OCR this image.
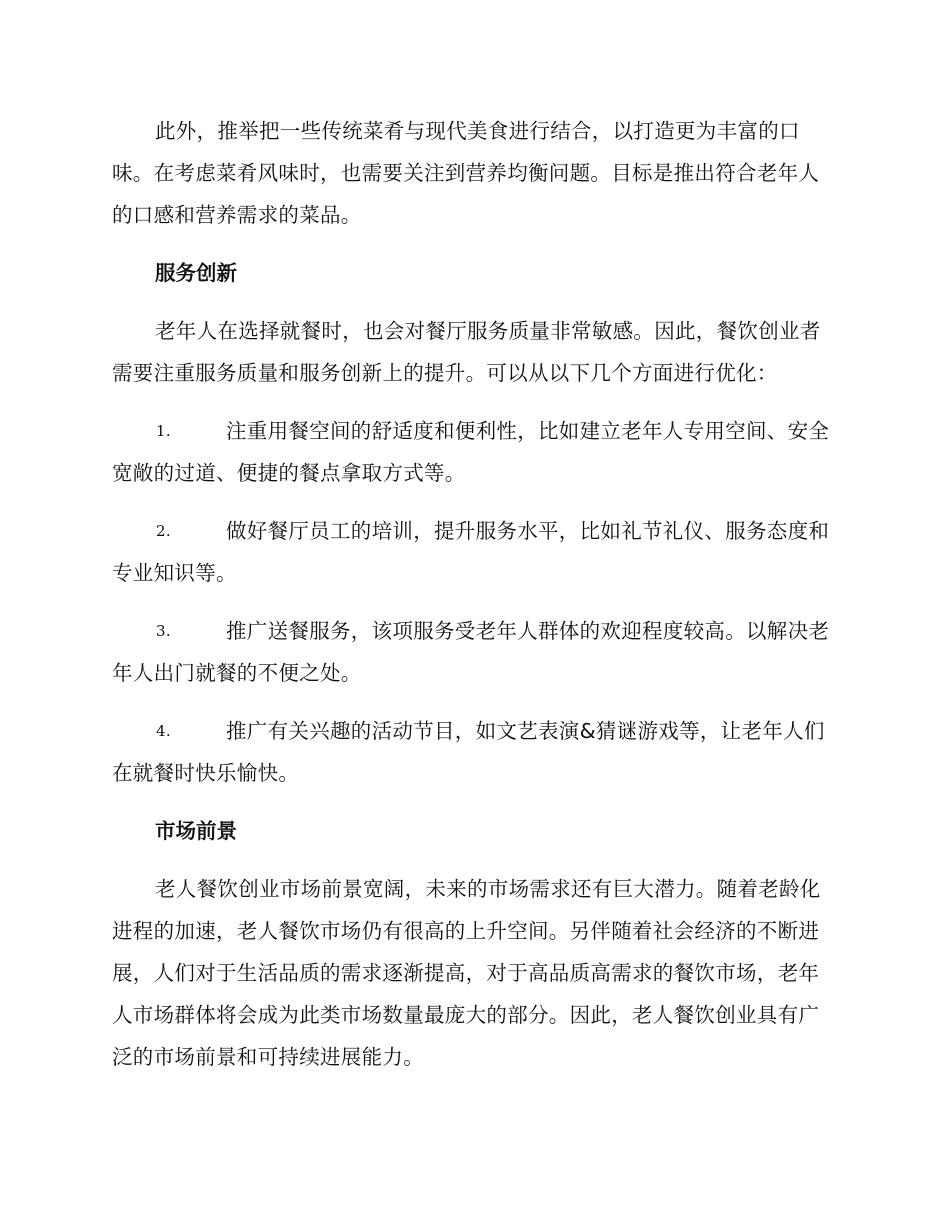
此外，推举把一些传统菜肴与现代美食进行结合，以打造更为丰富的口味。在考虑菜肴风味时，也需要关注到营养均衡问题。目标是推出符合老年人的口感和营养需求的菜品。

服务创新

老年人在选择就餐时，也会对餐厅服务质量非常敏感。因此，餐饮创业者需要注重服务质量和服务创新上的提升。可以从以下几个方面进行优化：

1.	注重用餐空间的舒适度和便利性，比如建立老年人专用空间、安全宽敞的过道、便捷的餐点拿取方式等。
2.	做好餐厅员工的培训，提升服务水平，比如礼节礼仪、服务态度和专业知识等。
3.	推广送餐服务，该项服务受老年人群体的欢迎程度较高。以解决老年人出门就餐的不便之处。
4.	推广有关兴趣的活动节目，如文艺表演&猜谜游戏等，让老年人们在就餐时快乐愉快。
市场前景

老人餐饮创业市场前景宽阔，未来的市场需求还有巨大潜力。随着老龄化进程的加速，老人餐饮市场仍有很高的上升空间。另伴随着社会经济的不断进展，人们对于生活品质的需求逐渐提高，对于高品质高需求的餐饮市场，老年人市场群体将会成为此类市场数量最庞大的部分。因此，老人餐饮创业具有广泛的市场前景和可持续进展能力。
